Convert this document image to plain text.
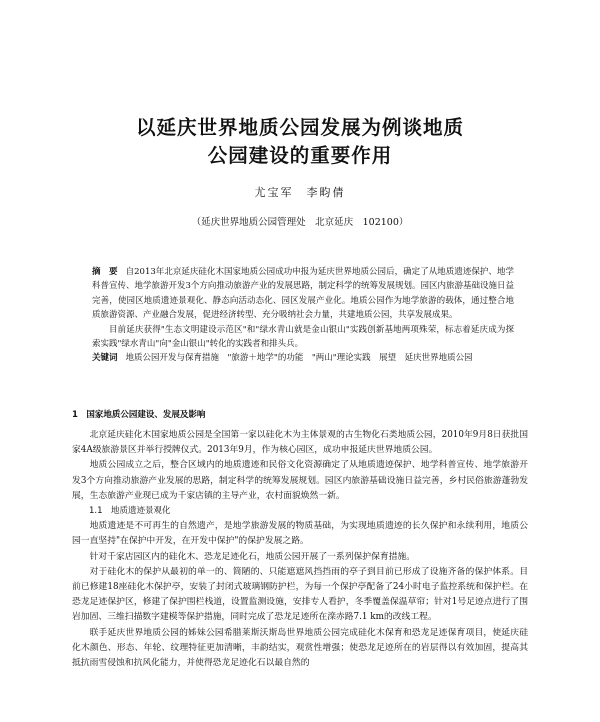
以延庆世界地质公园发展为例谈地质
公园建设的重要作用
尤宝军　李畇倩
（延庆世界地质公园管理处　北京延庆　102100）

摘　要 自2013年北京延庆硅化木国家地质公园成功申报为延庆世界地质公园后，确定了从地质遗迹保护、地学科普宣传、地学旅游开发3个方向推动旅游产业的发展思路，制定科学的统筹发展规划。园区内旅游基础设施日益完善，使园区地质遗迹景观化、静态向活动态化、园区发展产业化。地质公园作为地学旅游的载体，通过整合地质旅游资源、产业融合发展，促进经济转型、充分吸纳社会力量，共建地质公园，共享发展成果。

目前延庆获得"生态文明建设示范区"和"绿水青山就是金山银山"实践创新基地两项殊荣，标志着延庆成为探索实践"绿水青山"向"金山银山"转化的实践者和排头兵。

关键词 地质公园开发与保育措施　"旅游＋地学"的功能　"两山"理论实践　展望　延庆世界地质公园

1　国家地质公园建设、发展及影响

北京延庆硅化木国家地质公园是全国第一家以硅化木为主体景观的古生物化石类地质公园，2010年9月8日获批国家4A级旅游景区并举行授牌仪式。2013年9月，作为核心园区，成功申报延庆世界地质公园。

地质公园成立之后，整合区域内的地质遗迹和民俗文化资源确定了从地质遗迹保护、地学科普宣传、地学旅游开发3个方向推动旅游产业发展的思路，制定科学的统筹发展规划。园区内旅游基础设施日益完善，乡村民俗旅游蓬勃发展，生态旅游产业现已成为千家店镇的主导产业，农村面貌焕然一新。

1.1　地质遗迹景观化

地质遗迹是不可再生的自然遗产，是地学旅游发展的物质基础，为实现地质遗迹的长久保护和永续利用，地质公园一直坚持"在保护中开发，在开发中保护"的保护发展之路。

针对千家店园区内的硅化木、恐龙足迹化石，地质公园开展了一系列保护保育措施。

对于硅化木的保护从最初的单一的、简陋的、只能遮遮风挡挡雨的亭子到目前已形成了设施齐备的保护体系。目前已修建18座硅化木保护亭，安装了封闭式玻璃钢防护栏，为每一个保护亭配备了24小时电子监控系统和保护栏。在恐龙足迹保护区，修建了保护围栏栈道，设置监测设施，安排专人看护，冬季覆盖保温草帘；针对1号足迹点进行了围岩加固、三维扫描数字建模等保护措施，同时完成了恐龙足迹所在滦赤路7.1 km的改线工程。

联手延庆世界地质公园的姊妹公园希腊莱斯沃斯岛世界地质公园完成硅化木保育和恐龙足迹保育项目，使延庆硅化木颜色、形态、年轮、纹理特征更加清晰，丰韵结实，观赏性增强；使恐龙足迹所在的岩层得以有效加固，提高其抵抗雨雪侵蚀和抗风化能力，并使得恐龙足迹化石以最自然的
